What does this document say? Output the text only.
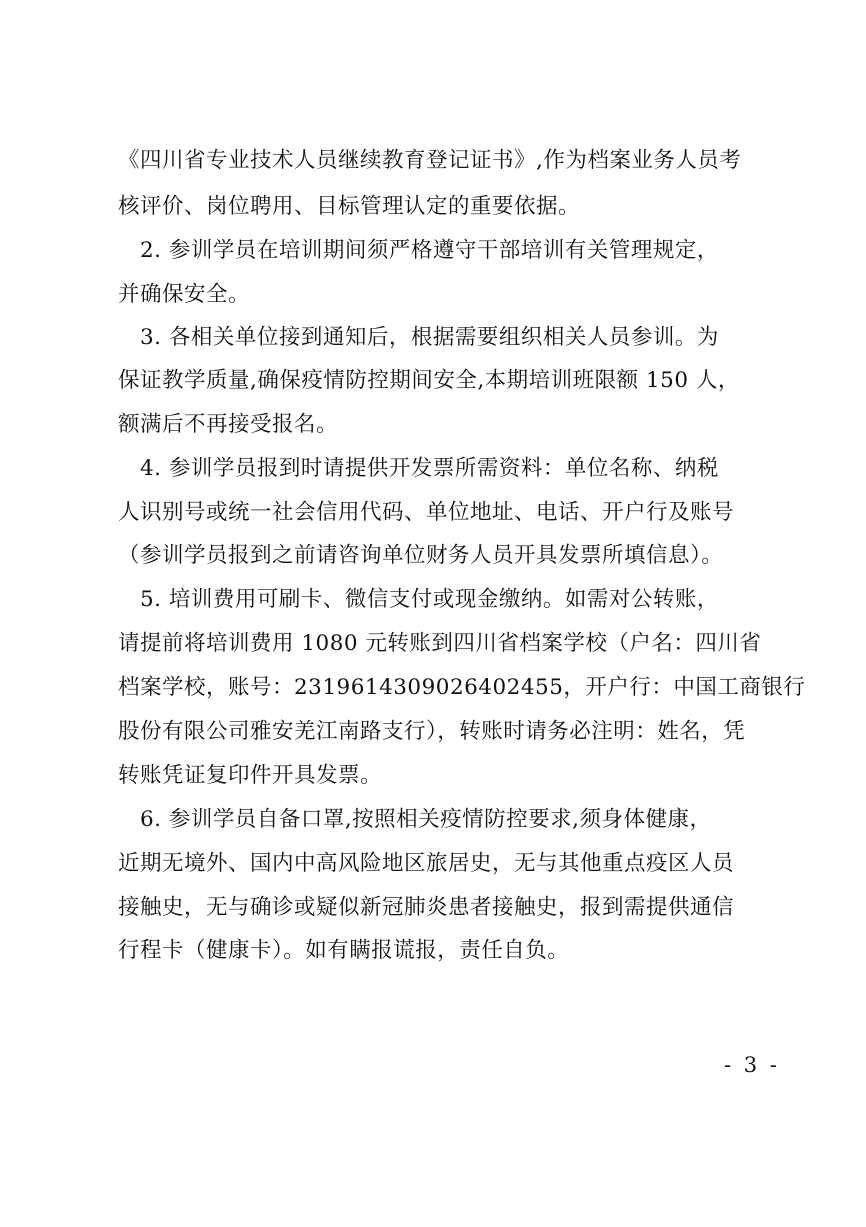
《四川省专业技术人员继续教育登记证书》,作为档案业务人员考
核评价、岗位聘用、目标管理认定的重要依据。
　2. 参训学员在培训期间须严格遵守干部培训有关管理规定，
并确保安全。
　3. 各相关单位接到通知后，根据需要组织相关人员参训。为
保证教学质量,确保疫情防控期间安全,本期培训班限额 150 人，
额满后不再接受报名。
　4. 参训学员报到时请提供开发票所需资料：单位名称、纳税
人识别号或统一社会信用代码、单位地址、电话、开户行及账号
（参训学员报到之前请咨询单位财务人员开具发票所填信息）。
　5. 培训费用可刷卡、微信支付或现金缴纳。如需对公转账，
请提前将培训费用 1080 元转账到四川省档案学校（户名：四川省
档案学校，账号：2319614309026402455，开户行：中国工商银行
股份有限公司雅安羌江南路支行），转账时请务必注明：姓名，凭
转账凭证复印件开具发票。
　6. 参训学员自备口罩,按照相关疫情防控要求,须身体健康，
近期无境外、国内中高风险地区旅居史，无与其他重点疫区人员
接触史，无与确诊或疑似新冠肺炎患者接触史，报到需提供通信
行程卡（健康卡）。如有瞒报谎报，责任自负。
- 3 -
